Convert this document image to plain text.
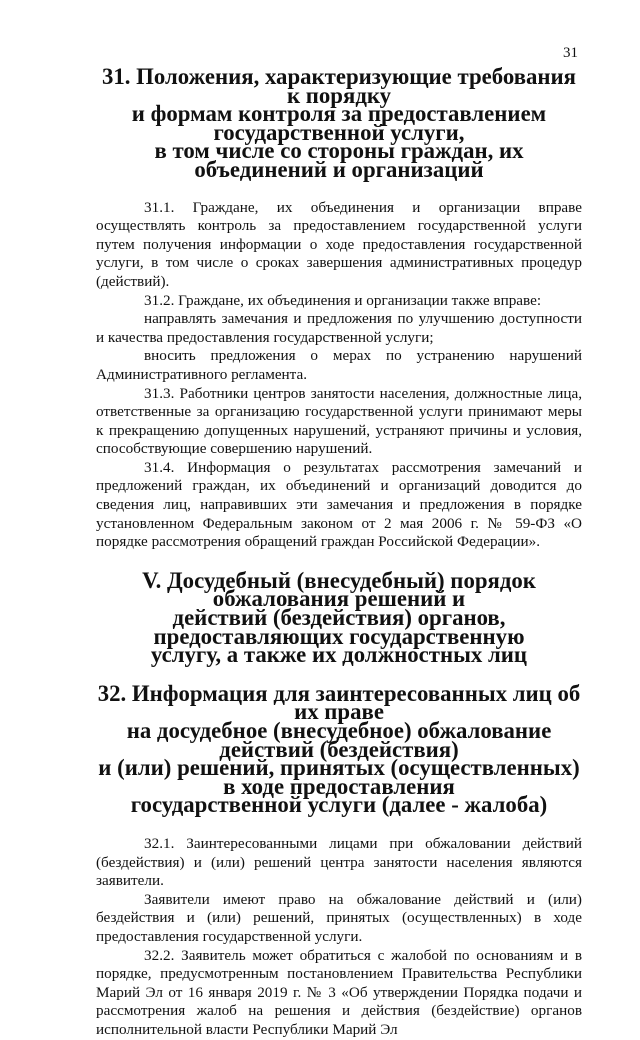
31
31. Положения, характеризующие требования к порядку
и формам контроля за предоставлением государственной услуги,
в том числе со стороны граждан, их объединений и организаций

31.1. Граждане, их объединения и организации вправе осуществлять контроль за предоставлением государственной услуги путем получения информации о ходе предоставления государственной услуги, в том числе о сроках завершения административных процедур (действий).

31.2. Граждане, их объединения и организации также вправе:

направлять замечания и предложения по улучшению доступности и качества предоставления государственной услуги;

вносить предложения о мерах по устранению нарушений Административного регламента.

31.3. Работники центров занятости населения, должностные лица, ответственные за организацию государственной услуги принимают меры к прекращению допущенных нарушений, устраняют причины и условия, способствующие совершению нарушений.

31.4. Информация о результатах рассмотрения замечаний и предложений граждан, их объединений и организаций доводится до сведения лиц, направивших эти замечания и предложения в порядке установленном Федеральным законом от 2 мая 2006 г. № 59-ФЗ «О порядке рассмотрения обращений граждан Российской Федерации».

V. Досудебный (внесудебный) порядок обжалования решений и
действий (бездействия) органов, предоставляющих государственную
услугу, а также их должностных лиц
32. Информация для заинтересованных лиц об их праве
на досудебное (внесудебное) обжалование действий (бездействия)
и (или) решений, принятых (осуществленных) в ходе предоставления
государственной услуги (далее - жалоба)

32.1. Заинтересованными лицами при обжаловании действий (бездействия) и (или) решений центра занятости населения являются заявители.

Заявители имеют право на обжалование действий и (или) бездействия и (или) решений, принятых (осуществленных) в ходе предоставления государственной услуги.

32.2. Заявитель может обратиться с жалобой по основаниям и в порядке, предусмотренным постановлением Правительства Республики Марий Эл от 16 января 2019 г. № 3 «Об утверждении Порядка подачи и рассмотрения жалоб на решения и действия (бездействие) органов исполнительной власти Республики Марий Эл
